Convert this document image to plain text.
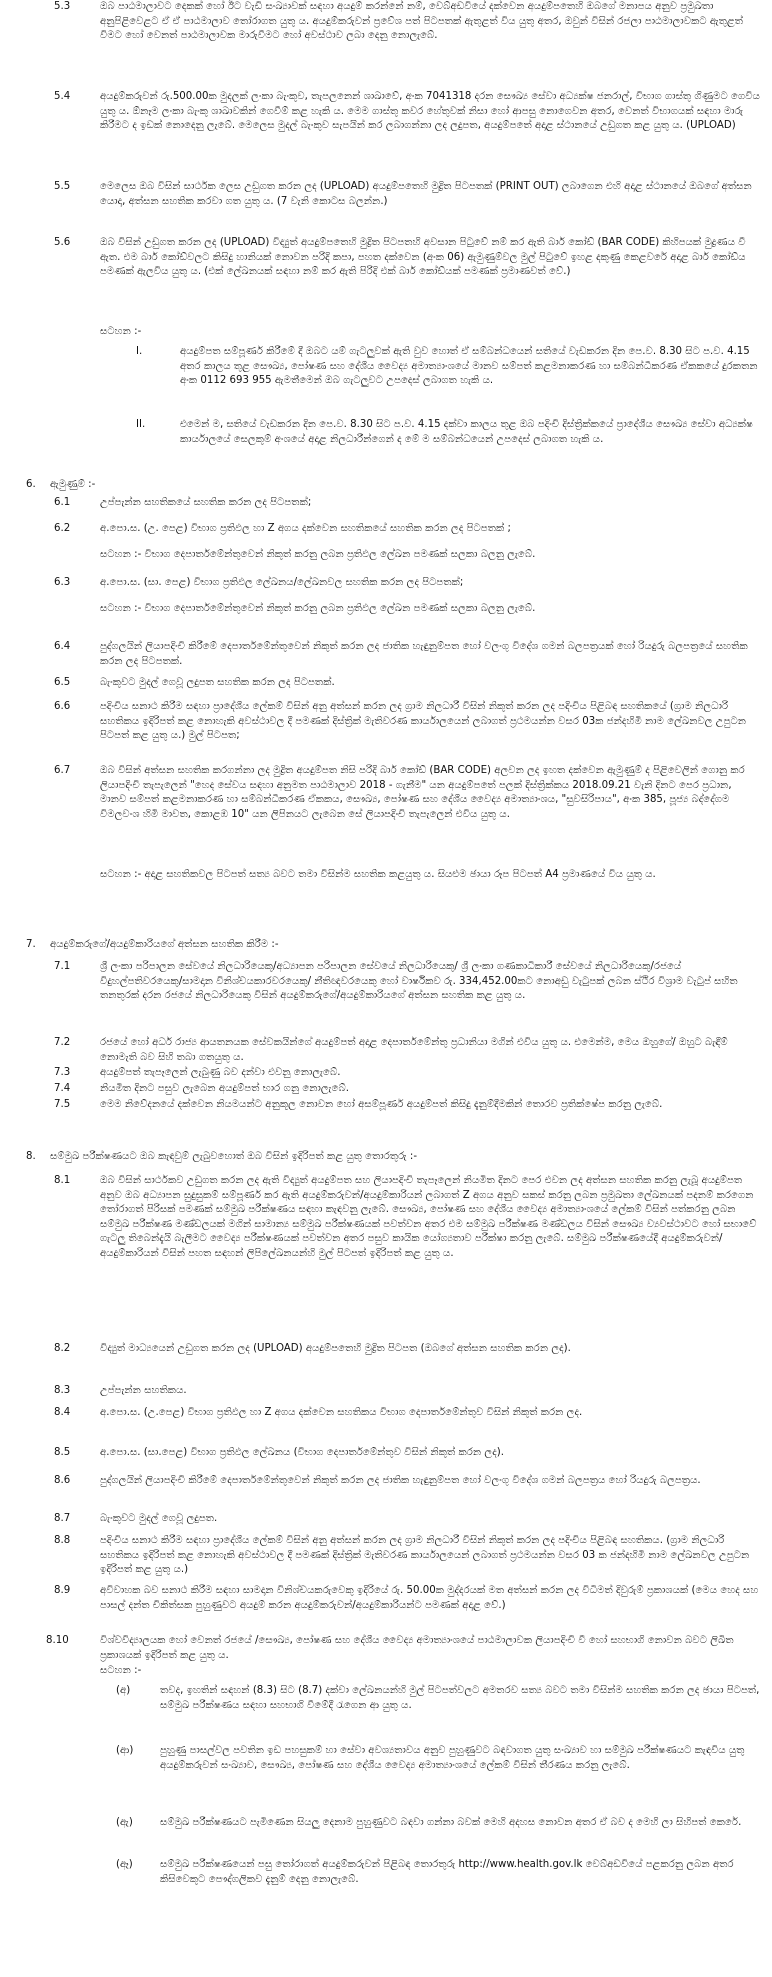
5.3	ඔබ පාඨමාලාවට දෙකක් හෝ ඊට වැඩි සංඛ්‍යාවක් සඳහා අයදුම් කරන්නේ නම්, වෙබ්අඩවියේ දක්වෙන අයදුම්පතෙහි ඔබගේ මනාපය අනුව ප්‍රමුඛතා අනුපිළිවෙළට ඒ ඒ පාඨමාලාව තෝරාගත යුතු ය. අයදුම්කරුවන් ප්‍රවේශ පත් පිටපතක් ඇතුළත් විය යුතු අතර, ඔවුන් විසින් රජලා පාඨමාලාවකට ඇතුළත් විමට හෝ වෙනත් පාඨමාලාවක මාරුවීමට හෝ අවස්ථාව ලබා දෙනු නොලැබේ.
5.4	අයදුම්කරුවන් රු.500.00ක මුදලක් ලංකා බැංකුව, තැපලනෙන් ශාඛාවේ, අංක 7041318 දරන සෞඛ්‍ය සේවා අධ්‍යක්ෂ ජනරාල්, විභාග ගාස්තු ගිණුමට ගෙවිය යුතු ය. ඕනෑම ලංකා බැංකු ශාඛාවකින් ගෙවීම් කළ හැකි ය. මෙම ගාස්තු කවර හේතුවක් නිසා හෝ ආපසු නොගෙවන අතර, වෙනත් විභාගයක් සඳහා මාරු කිරීමට ද ඉඩක් නොදෙනු ලැබේ. මෙලෙස මුදල් බැංකුව සැපයින් කර ලබාගන්නා ලද ලදුපත, අයදුම්පතේ අදාළ ස්ථානයේ උඩුගත කළ යුතු ය. (UPLOAD)
5.5	මෙලෙස ඔබ විසින් සාර්ථක ලෙස උඩුගත කරන ලද (UPLOAD) අයදුම්පතෙහි මුද්‍රිත පිටපතක් (PRINT OUT) ලබාගෙන එහි අදාළ ස්ථානයේ ඔබගේ අත්සන යොදා, අත්සන සහතික කරවා ගත යුතු ය. (7 වැනි කොටස බලන්න.)
5.6	ඔබ විසින් උඩුගත කරන ලද (UPLOAD) විද්‍යුත් අයදුම්පතෙහි මුද්‍රිත පිටපතහි අවසාන පිටුවේ නම් කර ඇති බාර් කෝඩ් (BAR CODE) කිහිපයක් මුද්‍රණය වී ඇත. එම බාර් කෝඩ්වලට කිසිදු හානියක් නොවන පරිදි කපා, පහත දක්වෙන (අංක 06) ඇමුණුම්වල මුල් පිටුවේ ඉහළ දකුණු කෙළවරේ අදාළ බාර් කෝඩ්ය පමණක් ඇලවිය යුතු ය. (එක් ලේඛනයක් සඳහා නම් කර ඇති පිරිදි එක් බාර් කෝඩ්යක් පමණක් ප්‍රමාණවත් වේ.)
සටහන :-
I.	අයදුම්පත සම්පූර්ණ කිරීමේ දී ඔබට යම් ගැටලුවක් ඇති වුව හොත් ඒ සම්බන්ධයෙන් සතියේ වැඩකරන දින පෙ.ව. 8.30 සිට ප.ව. 4.15 අතර කාලය තුළ සෞඛ්‍ය, පෝෂණ සහ දේශීය වෛද්‍ය අමාත්‍යාංශයේ මානව සම්පත් කළමනාකරණ හා සම්බන්ධීකරණ ඒකකයේ දුරකතන අංක 0112 693 955 ඇමතීමෙන් ඔබ ගැටලුවට උපදෙස් ලබාගත හැකි ය.
II.	එමෙන් ම, සතියේ වැඩකරන දින පෙ.ව. 8.30 සිට ප.ව. 4.15 දක්වා කාලය තුළ ඔබ පදිංචි දිස්ත්‍රික්කයේ ප්‍රාදේශීය සෞඛ්‍ය සේවා අධ්‍යක්ෂ කාර්යාලයේ සෙලකුම් අංශයේ අදාළ නිලධාරීන්ගෙන් ද මේ ම සම්බන්ධයෙන් උපදෙස් ලබාගත හැකි ය.
6. ඇමුණුම් :-
6.1	උප්පැන්න සහතිකයේ සහතික කරන ලද පිටපතක්;
6.2	අ.පො.ස. (උ. පෙළ) විභාග ප්‍රතිඵල හා Z අගය දක්වෙන සහතිකයේ සහතික කරන ලද පිටපතක් ;
සටහන :- විභාග දෙපාර්තමේන්තුවෙන් නිකුත් කරනු ලබන ප්‍රතිඵල ලේඛන පමණක් සලකා බලනු ලැබේ.
6.3	අ.පො.ස. (සා. පෙළ) විභාග ප්‍රතිඵල ලේඛනය/ලේඛනවල සහතික කරන ලද පිටපතක්;
සටහන :- විභාග දෙපාර්තමේන්තුවෙන් නිකුත් කරනු ලබන ප්‍රතිඵල ලේඛන පමණක් සලකා බලනු ලැබේ.
6.4	පුද්ගලයින් ලියාපදිංචි කිරීමේ දෙපාර්තමේන්තුවෙන් නිකුත් කරන ලද ජාතික හැඳුනුම්පත හෝ වලංගු විදේශ ගමන් බලපත්‍රයක් හෝ රියදුරු බලපත්‍රයේ සහතික කරන ලද පිටපතක්.
6.5	බැංකුවට මුදල් ගෙවූ ලදුපත සහතික කරන ලද පිටපතක්.
6.6	පදිංචිය සනාථ කිරීම සඳහා ප්‍රාදේශීය ලේකම් විසින් අනු අත්සන් කරන ලද ග්‍රාම නිලධාරී විසින් නිකුත් කරන ලද පදිංචිය පිළිබඳ සහතිකයේ (ග්‍රාම නිලධාරි සහතිකය ඉදිරිපත් කළ නොහැකි අවස්ථාවල දී පමණක් දිස්ත්‍රික් මැතිවරණ කාර්යාලයෙන් ලබාගත් ප්‍රථමයන්න වසර 03ක ජන්දහිමි නාම ලේඛනවල උපුටන පිටපත් කළ යුතු ය.) මුල් පිටපත;
6.7	ඔබ විසින් අත්සන සහතික කරගන්නා ලද මුද්‍රිත අයදුම්පත නිසි පරිදි බාර් කෝඩ් (BAR CODE) අලවන ලද ඉහත දක්වෙන ඇමුණුම් ද පිළිවෙලින් ගොනු කර ලියාපදිංචි තැපැලෙන් "හෙද සේවය සඳහා අනුමත පාඨමාලාව 2018 - ගැනීම" යන අයදුම්පතේ පලක් දිස්ත්‍රික්කය 2018.09.21 වැනි දිනට පෙර ප්‍රධාන, මානව සම්පත් කළමනාකරණ හා සම්බන්ධීකරණ ඒකකය, සෞඛ්‍ය, පෝෂණ සහ දේශීය වෛද්‍ය අමාත්‍යාංශය, "සුවසිරිපාය", අංක 385, පූජ්‍ය බද්දේගම විමලවංශ හිමි මාවත, කොළඹ 10" යන ලිපිනයට ලැබෙන සේ ලියාපදිංචි තැපැලෙන් එවිය යුතු ය.
සටහන :- අදාළ සහතිකවල පිටපත් සත්‍ය බවට තමා විසින්ම සහතික කළයුතු ය. සියළුම ඡායා රූප පිටපත් A4 ප්‍රමාණයේ විය යුතු ය.
7. අයදුම්කරුගේ/අයදුම්කාරියගේ අත්සන සහතික කිරීම :-
7.1	ශ්‍රී ලංකා පරිපාලන සේවයේ නිලධාරියෙකු/අධ්‍යාපන පරිපාලන සේවයේ නිලධාරියෙකු/ ශ්‍රී ලංකා ගණකාධිකාරී සේවයේ නිලධාරියෙකු/රජයේ විදුහල්පතිවරයෙකු/සාමදාන විනිශ්චයකාරවරයෙකු/ නීතිඥවරයෙකු හෝ වාර්ෂිකව රු. 334,452.00කට නොඅඩු වැටුපක් ලබන ස්ථිර විශ්‍රාම වැටුප් සහිත තනතුරක් දරන රජයේ නිලධාරියෙකු විසින් අයදුම්කරුගේ/අයදුම්කාරියගේ අත්සන සහතික කළ යුතු ය.
7.2	රජයේ හෝ අර්ධ රාජ්‍ය ආයතනයක සේවකයින්ගේ අයදුම්පත් අදාළ දෙපාර්තමේන්තු ප්‍රධානියා මගින් එවිය යුතු ය. එමෙන්ම, මෙය ඔහුගේ/ ඔහුට බැඳීම් නොමැති බව සිහි තබා ගතයුතු ය.
7.3	අයදුම්පත් තැපෑලෙන් ලැබුණු බව දන්වා එවනු නොලැබේ.
7.4	නියමිත දිනට පසුව ලැබෙන අයදුම්පත් භාර ගනු නොලැබේ.
7.5	මෙම නිවේදනයේ දක්වෙන නියමයන්ට අනුකූල නොවන හෝ අසම්පූර්ණ අයදුම්පත් කිසිදු දැනුම්දීමකින් තොරව ප්‍රතික්ෂේප කරනු ලැබේ.
8. සම්මුඛ පරීක්ෂණයට ඔබ කැඳවුම් ලැබුවහොත් ඔබ විසින් ඉදිරිපත් කළ යුතු තොරතුරු :-
8.1	ඔබ විසින් සාර්ථකව උඩුගත කරන ලද ඇති විද්‍යුත් අයදුම්පත සහ ලියාපදිංචි තැපෑලෙන් නියමිත දිනට පෙර එවන ලද අත්සන සහතික කරනු ලැබූ අයදුම්පත අනුව ඔබ අධ්‍යාපන සුදුසුකම් සම්පූර්ණ කර ඇති අයදුම්කරුවන්/අයදුම්කාරියන් ලබාගත් Z අගය අනුව සකස් කරනු ලබන ප්‍රමුඛතා ලේඛනයක් පදනම් කරගෙන තෝරාගත් පිරිසක් පමණක් සම්මුඛ පරීක්ෂණය සඳහා කැඳවනු ලැබේ. සෞඛ්‍ය, පෝෂණ සහ දේශීය වෛද්‍ය අමාත්‍යාංශයේ ලේකම් විසින් පත්කරනු ලබන සම්මුඛ පරීක්ෂණ මණ්ඩලයක් මගින් සාමාන්‍ය සම්මුඛ පරීක්ෂණයක් පවත්වන අතර එම සම්මුඛ පරීක්ෂණ මණ්ඩලය විසින් සෞඛ්‍ය ව්‍යවස්ථාවට හෝ සභාවේ ගැටලු තිබෙන්දැයි බැලීමට වෛද්‍ය පරීක්ෂණයක් පවත්වන අතර පසුව කායික යෝග්‍යතාව පරීක්ෂා කරනු ලැබේ. සම්මුඛ පරීක්ෂණයේදී අයදුම්කරුවන්/අයදුම්කාරියන් විසින් පහත සඳහන් ලිපිලේඛනයන්හි මුල් පිටපත් ඉදිරිපත් කළ යුතු ය.
8.2	විද්‍යුත් මාධ්‍යයෙන් උඩුගත කරන ලද (UPLOAD) අයදුම්පතෙහි මුද්‍රිත පිටපත (ඔබගේ අත්සන සහතික කරන ලද).
8.3	උප්පැන්න සහතිකය.
8.4	අ.පො.ස. (උ.පෙළ) විභාග ප්‍රතිඵල හා Z අගය දක්වෙන සහතිකය විභාග දෙපාර්තමේන්තුව විසින් නිකුත් කරන ලද.
8.5	අ.පො.ස. (සා.පෙළ) විභාග ප්‍රතිඵල ලේඛනය (විභාග දෙපාර්තමේන්තුව විසින් නිකුත් කරන ලද).
8.6	පුද්ගලයින් ලියාපදිංචි කිරීමේ දෙපාර්තමේන්තුවෙන් නිකුත් කරන ලද ජාතික හැඳුනුම්පත හෝ වලංගු විදේශ ගමන් බලපත්‍රය හෝ රියදුරු බලපත්‍රය.
8.7	බැංකුවට මුදල් ගෙවූ ලදුපත.
8.8	පදිංචිය සනාථ කිරීම සඳහා ප්‍රාදේශීය ලේකම් විසින් අනු අත්සන් කරන ලද ග්‍රාම නිලධාරී විසින් නිකුත් කරන ලද පදිංචිය පිළිබඳ සහතිකය. (ග්‍රාම නිලධාරි සහතිකය ඉදිරිපත් කළ නොහැකි අවස්ථාවල දී පමණක් දිස්ත්‍රික් මැතිවරණ කාර්යාලයෙන් ලබාගත් ප්‍රථමයන්න වසර 03 ක ජන්දහිමි නාම ලේඛනවල උපුටන ඉදිරිපත් කළ යුතු ය.)
8.9	අවිවාහක බව සනාථ කිරීම සඳහා සාමදාන විනිශ්චයකරුවෙකු ඉදිරියේ රු. 50.00ක මුද්දරයක් මත අත්සන් කරන ලද විධිමත් දිවුරුම් ප්‍රකාශයක් (මෙය හෙද සහ පාසල් දන්ත චිකිත්සක පුහුණුවට අයදුම් කරන අයදුම්කරුවන්/අයදුම්කාරියන්ට පමණක් අදාළ වේ.)
8.10	විශ්වවිද්‍යාලයක හෝ වෙනත් රජයේ /සෞඛ්‍ය, පෝෂණ සහ දේශීය වෛද්‍ය අමාත්‍යාංශයේ පාඨමාලාවක ලියාපදිංචි වී හෝ සහභාගි නොවන බවට ලිඛිත ප්‍රකාශයක් ඉදිරිපත් කළ යුතු ය.
සටහන :-
(අ)	තවද, ඉහතින් සඳහන් (8.3) සිට (8.7) දක්වා ලේඛනයන්හි මුල් පිටපත්වලට අමතරව සත්‍ය බවට තමා විසින්ම සහතික කරන ලද ඡායා පිටපත්, සම්මුඛ පරීක්ෂණය සඳහා සහභාගි වීමේදී රැගෙන ආ යුතු ය.
(ආ)	පුහුණු පාසල්වල පවතින ඉඩ පහසුකම් හා සේවා අවශ්‍යතාවය අනුව පුහුණුවට බඳවාගත යුතු සංඛ්‍යාව හා සම්මුඛ පරීක්ෂණයට කැඳවිය යුතු අයදුම්කරුවන් සංඛ්‍යාව, සෞඛ්‍ය, පෝෂණ සහ දේශීය වෛද්‍ය අමාත්‍යාංශයේ ලේකම් විසින් තීරණය කරනු ලැබේ.
(ඇ)	සම්මුඛ පරීක්ෂණයට පැමිණෙන සියලු දෙනාම පුහුණුවට බඳවා ගන්නා බවක් මෙහි අදහස නොවන අතර ඒ බව ද මෙහි ලා සිහිපත් කෙරේ.
(ඈ)	සම්මුඛ පරීක්ෂණයෙන් පසු තෝරාගත් අයදුම්කරුවන් පිළිබඳ තොරතුරු http://www.health.gov.lk වෙබ්අඩවියේ පළකරනු ලබන අතර කිසිවෙකුට පෞද්ගලිකව දැනුම් දෙනු නොලැබේ.
